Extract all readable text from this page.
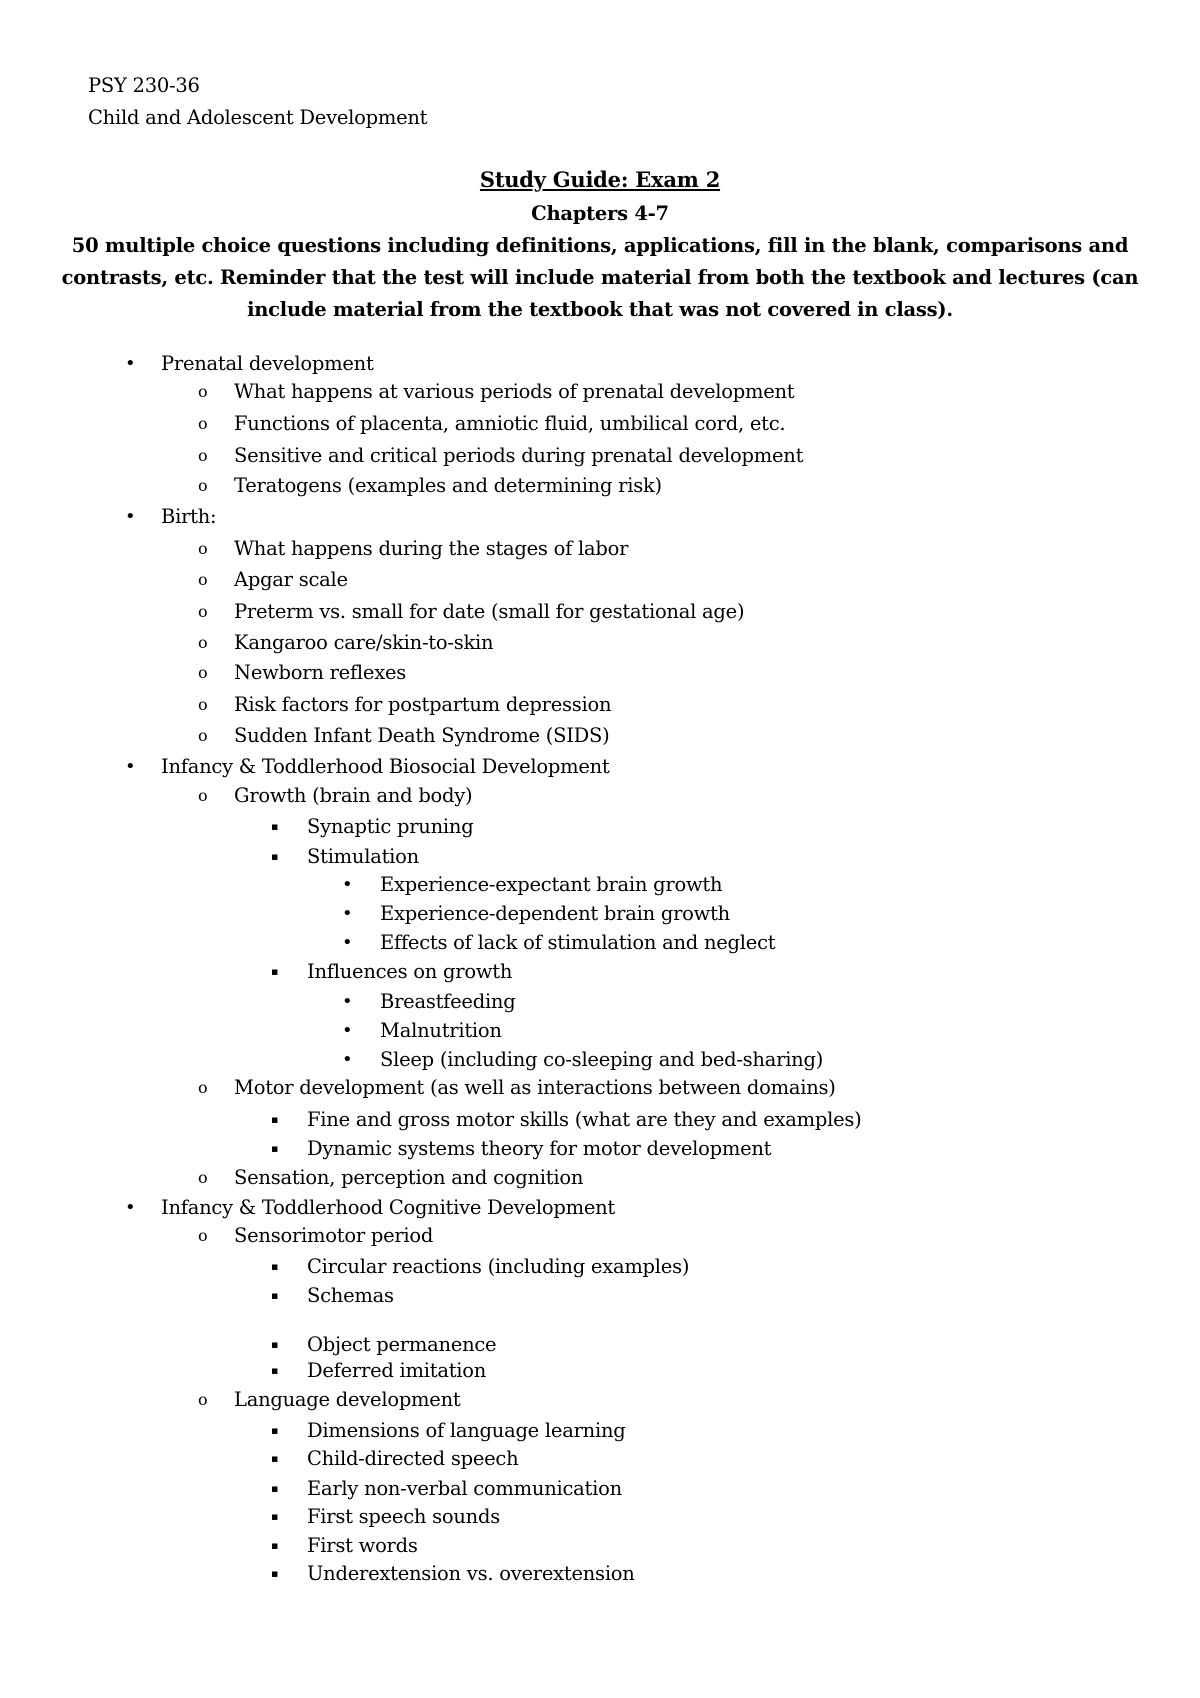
PSY 230-36
Child and Adolescent Development
Study Guide: Exam 2
Chapters 4-7
50 multiple choice questions including definitions, applications, fill in the blank, comparisons and
contrasts, etc. Reminder that the test will include material from both the textbook and lectures (can
include material from the textbook that was not covered in class).
• Prenatal development
o What happens at various periods of prenatal development
o Functions of placenta, amniotic fluid, umbilical cord, etc.
o Sensitive and critical periods during prenatal development
o Teratogens (examples and determining risk)
• Birth:
o What happens during the stages of labor
o Apgar scale
o Preterm vs. small for date (small for gestational age)
o Kangaroo care/skin-to-skin
o Newborn reflexes
o Risk factors for postpartum depression
o Sudden Infant Death Syndrome (SIDS)
• Infancy & Toddlerhood Biosocial Development
o Growth (brain and body)
▪ Synaptic pruning
▪ Stimulation
• Experience-expectant brain growth
• Experience-dependent brain growth
• Effects of lack of stimulation and neglect
▪ Influences on growth
• Breastfeeding
• Malnutrition
• Sleep (including co-sleeping and bed-sharing)
o Motor development (as well as interactions between domains)
▪ Fine and gross motor skills (what are they and examples)
▪ Dynamic systems theory for motor development
o Sensation, perception and cognition
• Infancy & Toddlerhood Cognitive Development
o Sensorimotor period
▪ Circular reactions (including examples)
▪ Schemas
▪ Object permanence
▪ Deferred imitation
o Language development
▪ Dimensions of language learning
▪ Child-directed speech
▪ Early non-verbal communication
▪ First speech sounds
▪ First words
▪ Underextension vs. overextension
